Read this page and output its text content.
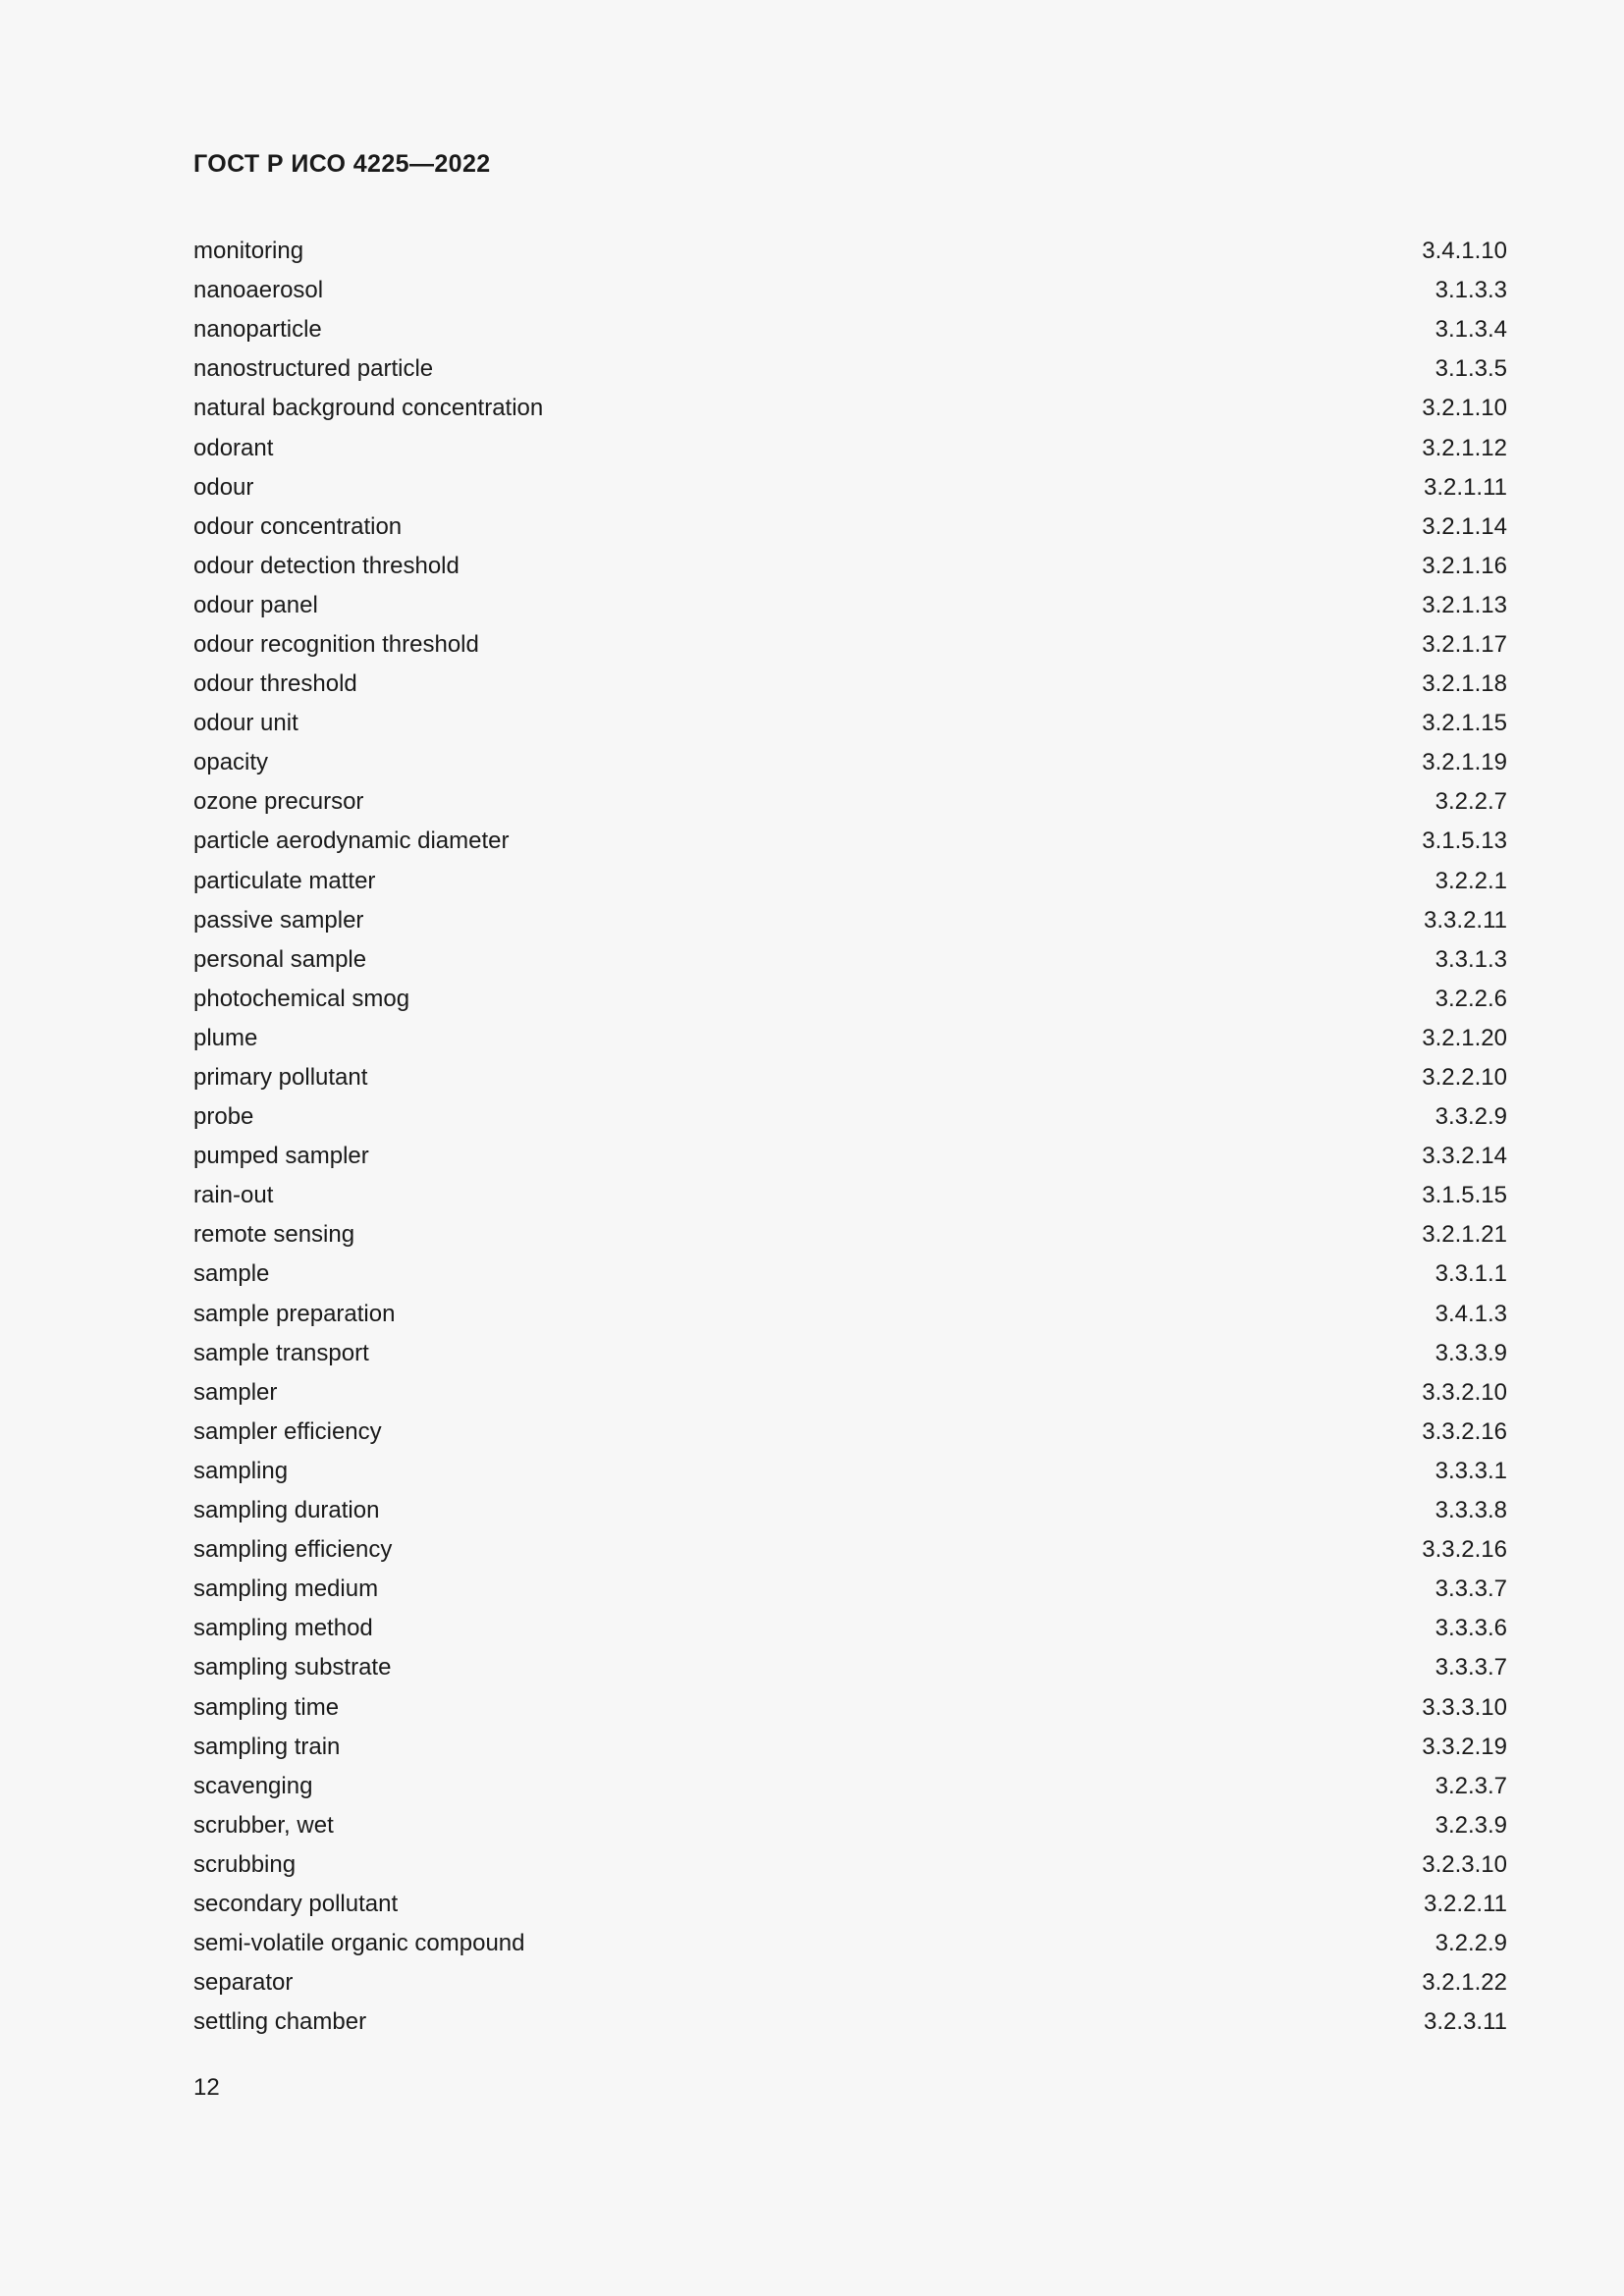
ГОСТ Р ИСО 4225—2022
monitoring	3.4.1.10
nanoaerosol	3.1.3.3
nanoparticle	3.1.3.4
nanostructured particle	3.1.3.5
natural background concentration	3.2.1.10
odorant	3.2.1.12
odour	3.2.1.11
odour concentration	3.2.1.14
odour detection threshold	3.2.1.16
odour panel	3.2.1.13
odour recognition threshold	3.2.1.17
odour threshold	3.2.1.18
odour unit	3.2.1.15
opacity	3.2.1.19
ozone precursor	3.2.2.7
particle aerodynamic diameter	3.1.5.13
particulate matter	3.2.2.1
passive sampler	3.3.2.11
personal sample	3.3.1.3
photochemical smog	3.2.2.6
plume	3.2.1.20
primary pollutant	3.2.2.10
probe	3.3.2.9
pumped sampler	3.3.2.14
rain-out	3.1.5.15
remote sensing	3.2.1.21
sample	3.3.1.1
sample preparation	3.4.1.3
sample transport	3.3.3.9
sampler	3.3.2.10
sampler efficiency	3.3.2.16
sampling	3.3.3.1
sampling duration	3.3.3.8
sampling efficiency	3.3.2.16
sampling medium	3.3.3.7
sampling method	3.3.3.6
sampling substrate	3.3.3.7
sampling time	3.3.3.10
sampling train	3.3.2.19
scavenging	3.2.3.7
scrubber, wet	3.2.3.9
scrubbing	3.2.3.10
secondary pollutant	3.2.2.11
semi-volatile organic compound	3.2.2.9
separator	3.2.1.22
settling chamber	3.2.3.11
12
